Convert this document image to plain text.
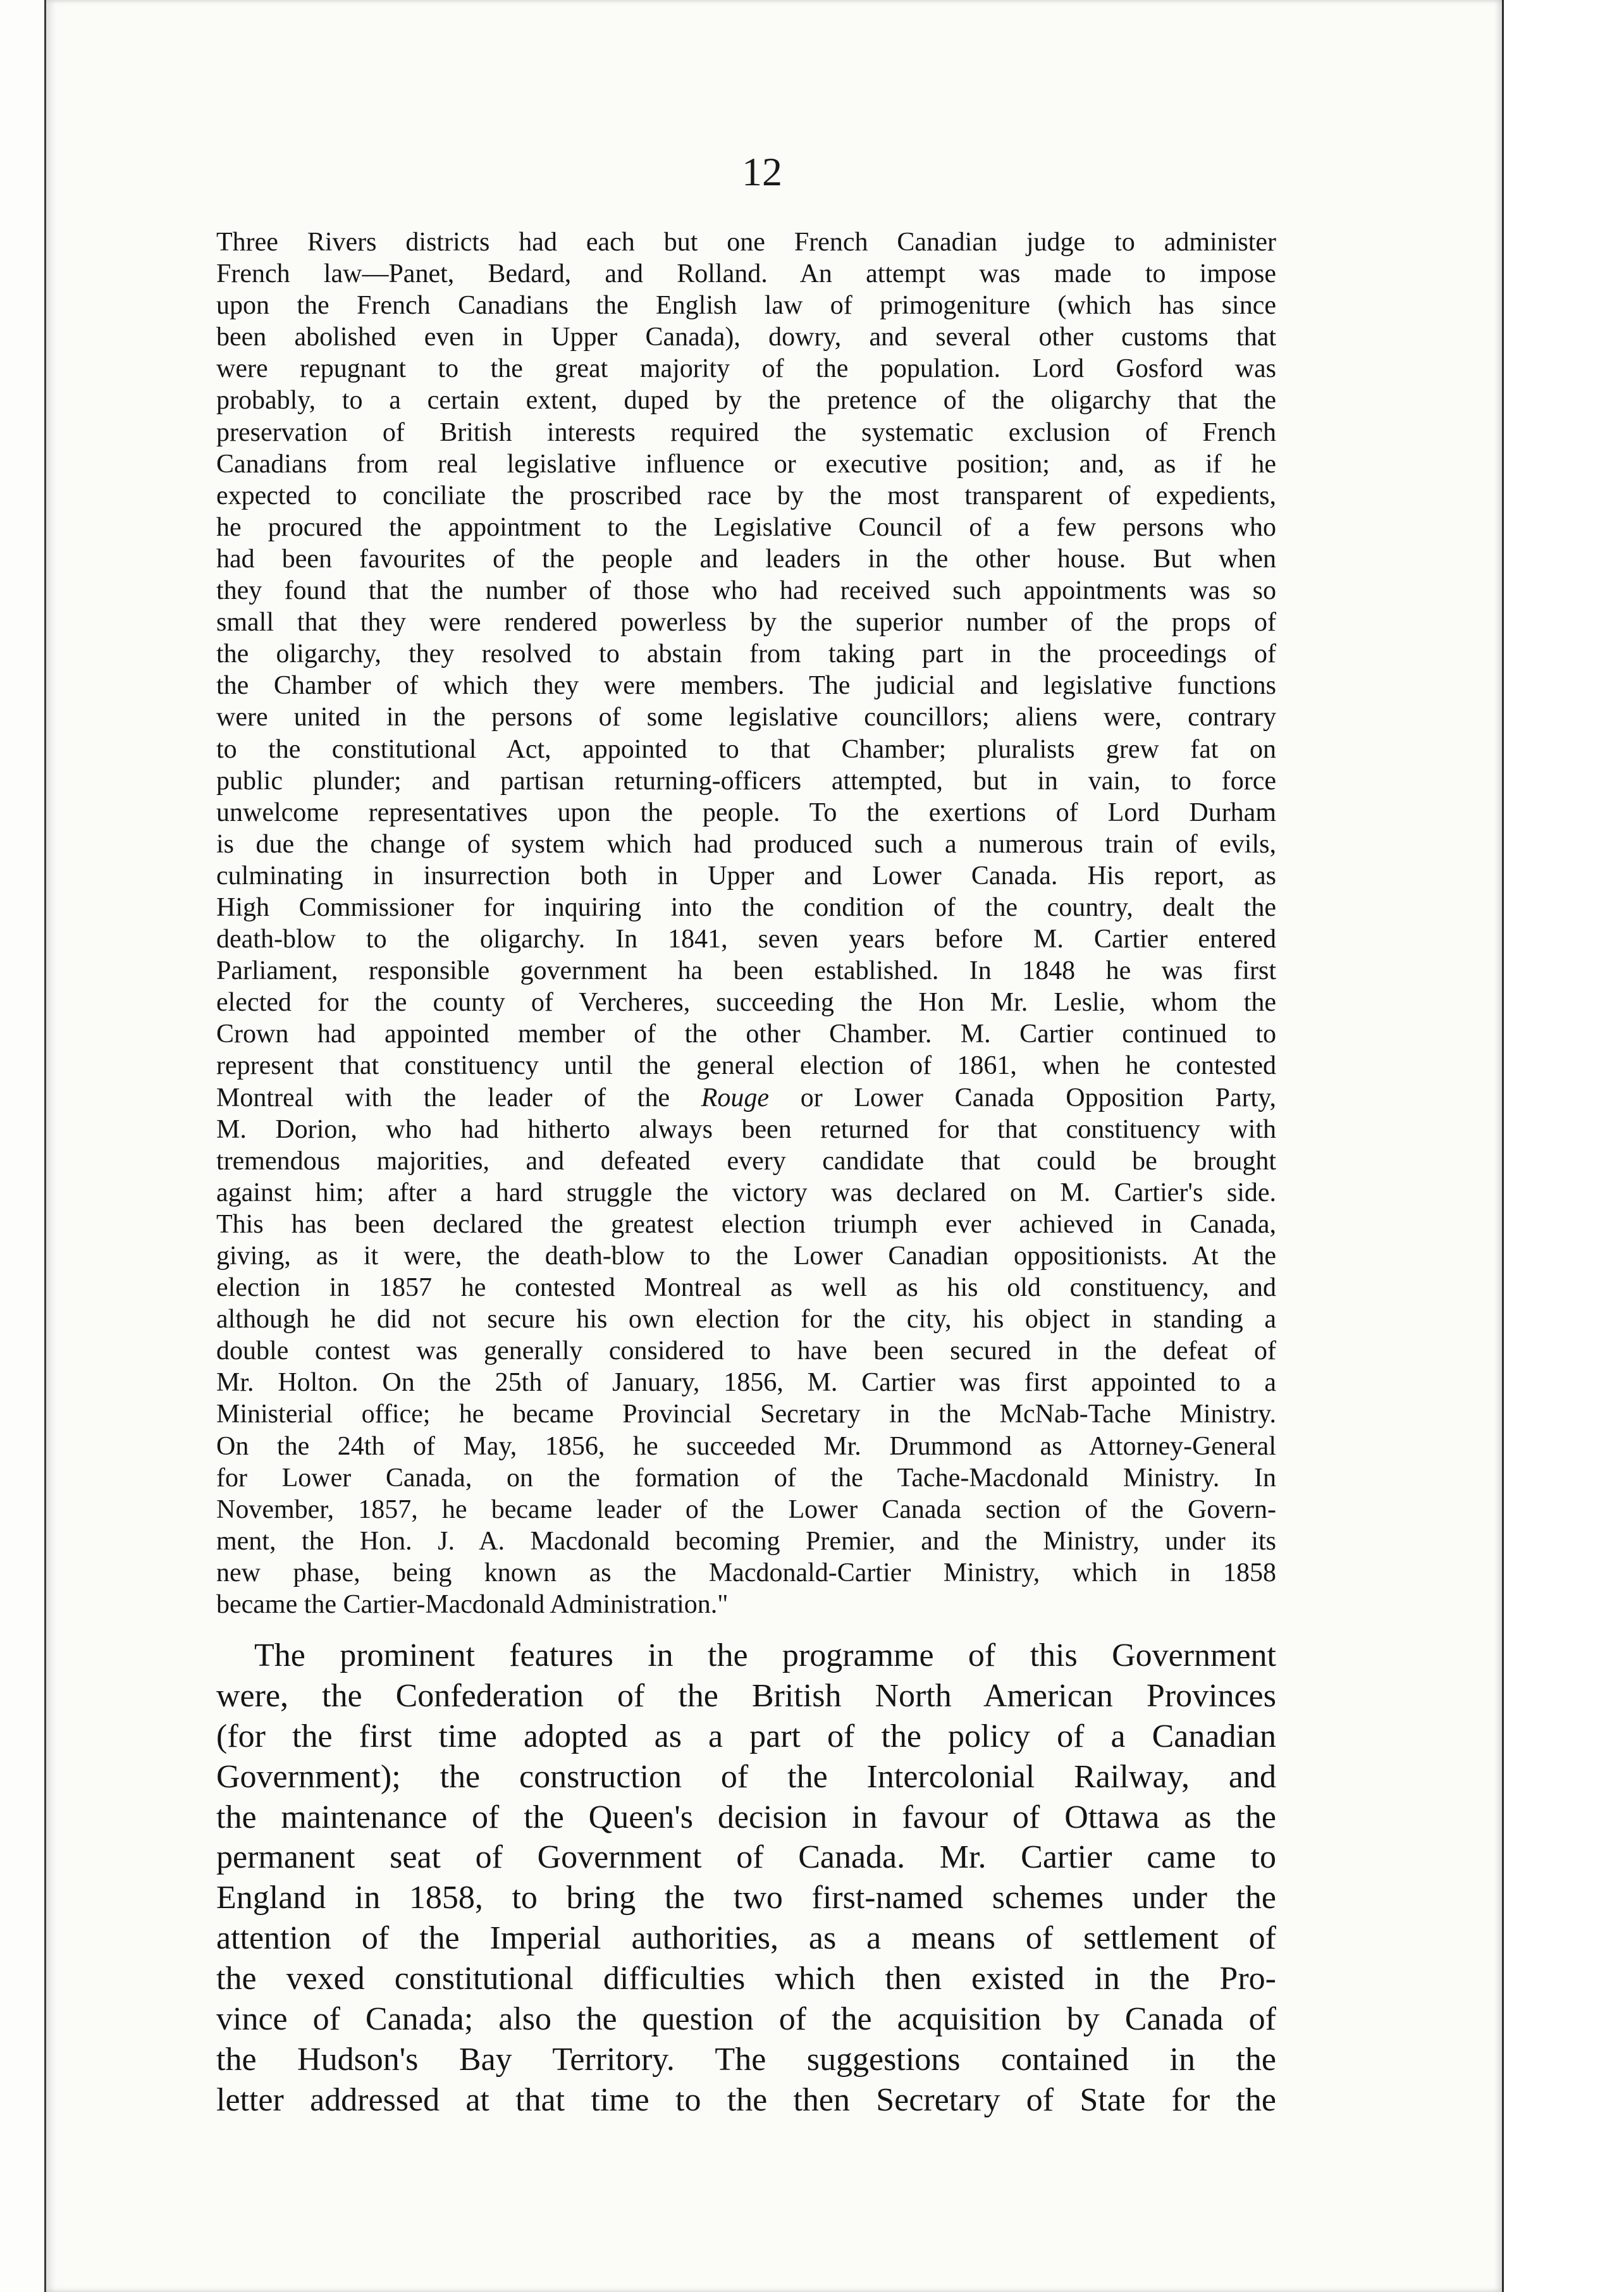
12
Three Rivers districts had each but one French Canadian judge to administer
French law—Panet, Bedard, and Rolland. An attempt was made to impose
upon the French Canadians the English law of primogeniture (which has since
been abolished even in Upper Canada), dowry, and several other customs that
were repugnant to the great majority of the population. Lord Gosford was
probably, to a certain extent, duped by the pretence of the oligarchy that the
preservation of British interests required the systematic exclusion of French
Canadians from real legislative influence or executive position; and, as if he
expected to conciliate the proscribed race by the most transparent of expedients,
he procured the appointment to the Legislative Council of a few persons who
had been favourites of the people and leaders in the other house. But when
they found that the number of those who had received such appointments was so
small that they were rendered powerless by the superior number of the props of
the oligarchy, they resolved to abstain from taking part in the proceedings of
the Chamber of which they were members. The judicial and legislative functions
were united in the persons of some legislative councillors; aliens were, contrary
to the constitutional Act, appointed to that Chamber; pluralists grew fat on
public plunder; and partisan returning-officers attempted, but in vain, to force
unwelcome representatives upon the people. To the exertions of Lord Durham
is due the change of system which had produced such a numerous train of evils,
culminating in insurrection both in Upper and Lower Canada. His report, as
High Commissioner for inquiring into the condition of the country, dealt the
death-blow to the oligarchy. In 1841, seven years before M. Cartier entered
Parliament, responsible government ha been established. In 1848 he was first
elected for the county of Vercheres, succeeding the Hon Mr. Leslie, whom the
Crown had appointed member of the other Chamber. M. Cartier continued to
represent that constituency until the general election of 1861, when he contested
Montreal with the leader of the Rouge or Lower Canada Opposition Party,
M. Dorion, who had hitherto always been returned for that constituency with
tremendous majorities, and defeated every candidate that could be brought
against him; after a hard struggle the victory was declared on M. Cartier's side.
This has been declared the greatest election triumph ever achieved in Canada,
giving, as it were, the death-blow to the Lower Canadian oppositionists. At the
election in 1857 he contested Montreal as well as his old constituency, and
although he did not secure his own election for the city, his object in standing a
double contest was generally considered to have been secured in the defeat of
Mr. Holton. On the 25th of January, 1856, M. Cartier was first appointed to a
Ministerial office; he became Provincial Secretary in the McNab-Tache Ministry.
On the 24th of May, 1856, he succeeded Mr. Drummond as Attorney-General
for Lower Canada, on the formation of the Tache-Macdonald Ministry. In
November, 1857, he became leader of the Lower Canada section of the Govern-
ment, the Hon. J. A. Macdonald becoming Premier, and the Ministry, under its
new phase, being known as the Macdonald-Cartier Ministry, which in 1858
became the Cartier-Macdonald Administration."
The prominent features in the programme of this Government
were, the Confederation of the British North American Provinces
(for the first time adopted as a part of the policy of a Canadian
Government); the construction of the Intercolonial Railway, and
the maintenance of the Queen's decision in favour of Ottawa as the
permanent seat of Government of Canada. Mr. Cartier came to
England in 1858, to bring the two first-named schemes under the
attention of the Imperial authorities, as a means of settlement of
the vexed constitutional difficulties which then existed in the Pro-
vince of Canada; also the question of the acquisition by Canada of
the Hudson's Bay Territory. The suggestions contained in the
letter addressed at that time to the then Secretary of State for the
